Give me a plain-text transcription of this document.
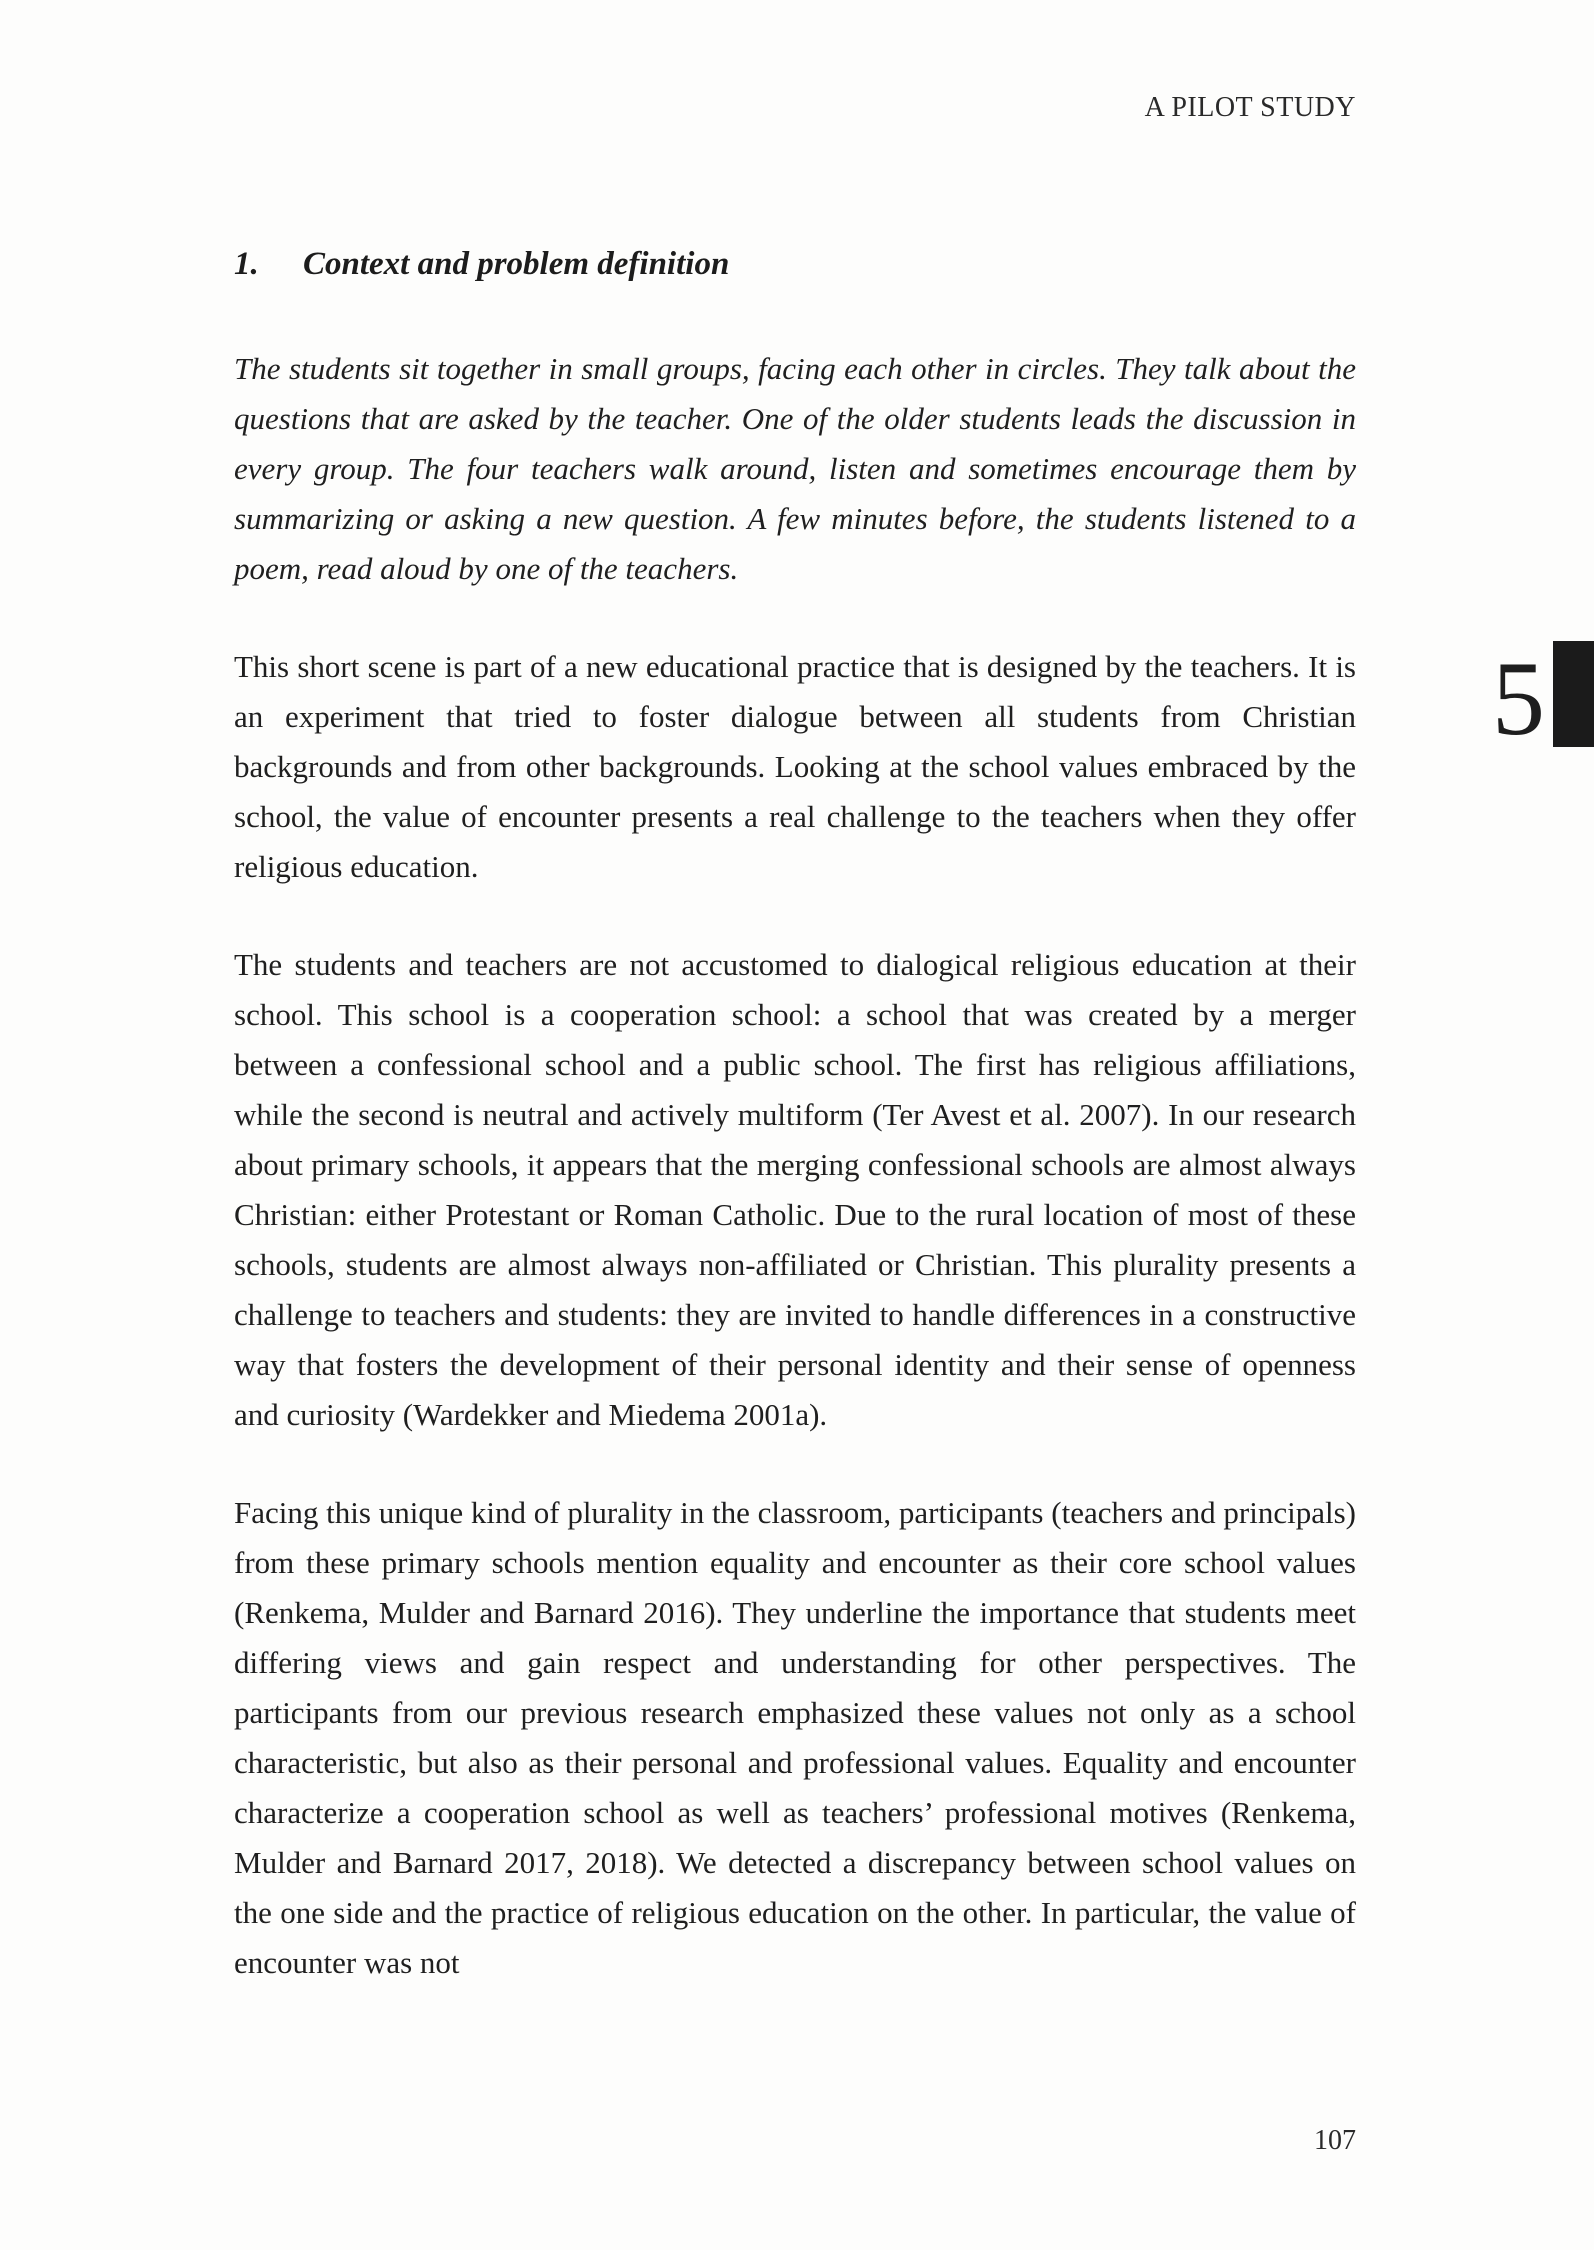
A PILOT STUDY
1.	Context and problem definition

The students sit together in small groups, facing each other in circles. They talk about the questions that are asked by the teacher. One of the older students leads the discussion in every group. The four teachers walk around, listen and sometimes encourage them by summarizing or asking a new question. A few minutes before, the students listened to a poem, read aloud by one of the teachers.

This short scene is part of a new educational practice that is designed by the teachers. It is an experiment that tried to foster dialogue between all students from Christian backgrounds and from other backgrounds. Looking at the school values embraced by the school, the value of encounter presents a real challenge to the teachers when they offer religious education.

The students and teachers are not accustomed to dialogical religious education at their school. This school is a cooperation school: a school that was created by a merger between a confessional school and a public school. The first has religious affiliations, while the second is neutral and actively multiform (Ter Avest et al. 2007). In our research about primary schools, it appears that the merging confessional schools are almost always Christian: either Protestant or Roman Catholic. Due to the rural location of most of these schools, students are almost always non-affiliated or Christian. This plurality presents a challenge to teachers and students: they are invited to handle differences in a constructive way that fosters the development of their personal identity and their sense of openness and curiosity (Wardekker and Miedema 2001a).

Facing this unique kind of plurality in the classroom, participants (teachers and principals) from these primary schools mention equality and encounter as their core school values (Renkema, Mulder and Barnard 2016). They underline the importance that students meet differing views and gain respect and understanding for other perspectives. The participants from our previous research emphasized these values not only as a school characteristic, but also as their personal and professional values. Equality and encounter characterize a cooperation school as well as teachers’ professional motives (Renkema, Mulder and Barnard 2017, 2018). We detected a discrepancy between school values on the one side and the practice of religious education on the other. In particular, the value of encounter was not

5
107
